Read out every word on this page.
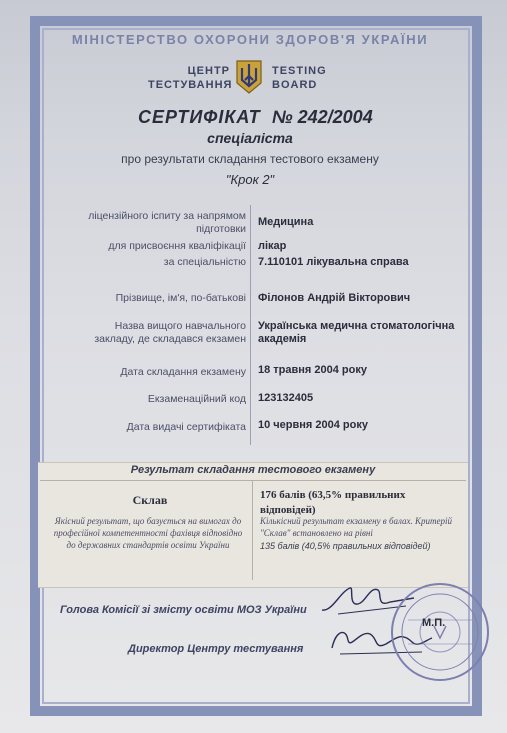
МІНІСТЕРСТВО ОХОРОНИ ЗДОРОВ'Я УКРАЇНИ
ЦЕНТР
ТЕСТУВАННЯ
TESTING
BOARD
СЕРТИФІКАТ № 242/2004
спеціаліста
про результати складання тестового екзамену
"Крок 2"
ліцензійного іспиту за напрямом підготовки
Медицина
для присвоєння кваліфікації лікар
за спеціальністю 7.110101 лікувальна справа
Прізвище, ім'я, по-батькові Філонов Андрій Вікторович
Назва вищого навчального закладу, де складався екзамен
Українська медична стоматологічна академія
Дата складання екзамену 18 травня 2004 року
Екзаменаційний код 123132405
Дата видачі сертифіката 10 червня 2004 року
Результат складання тестового екзамену
Склав	176 балів (63,5% правильних відповідей)
Якісний результат, що базується на вимогах до професійної компетентності фахівця відповідно до державних стандартів освіти України
Кількісний результат екзамену в балах. Критерій "Склав" встановлено на рівні
135 балів (40,5% правильних відповідей)
Голова Комісії зі змісту освіти МОЗ України
Директор Центру тестування
М.П.
